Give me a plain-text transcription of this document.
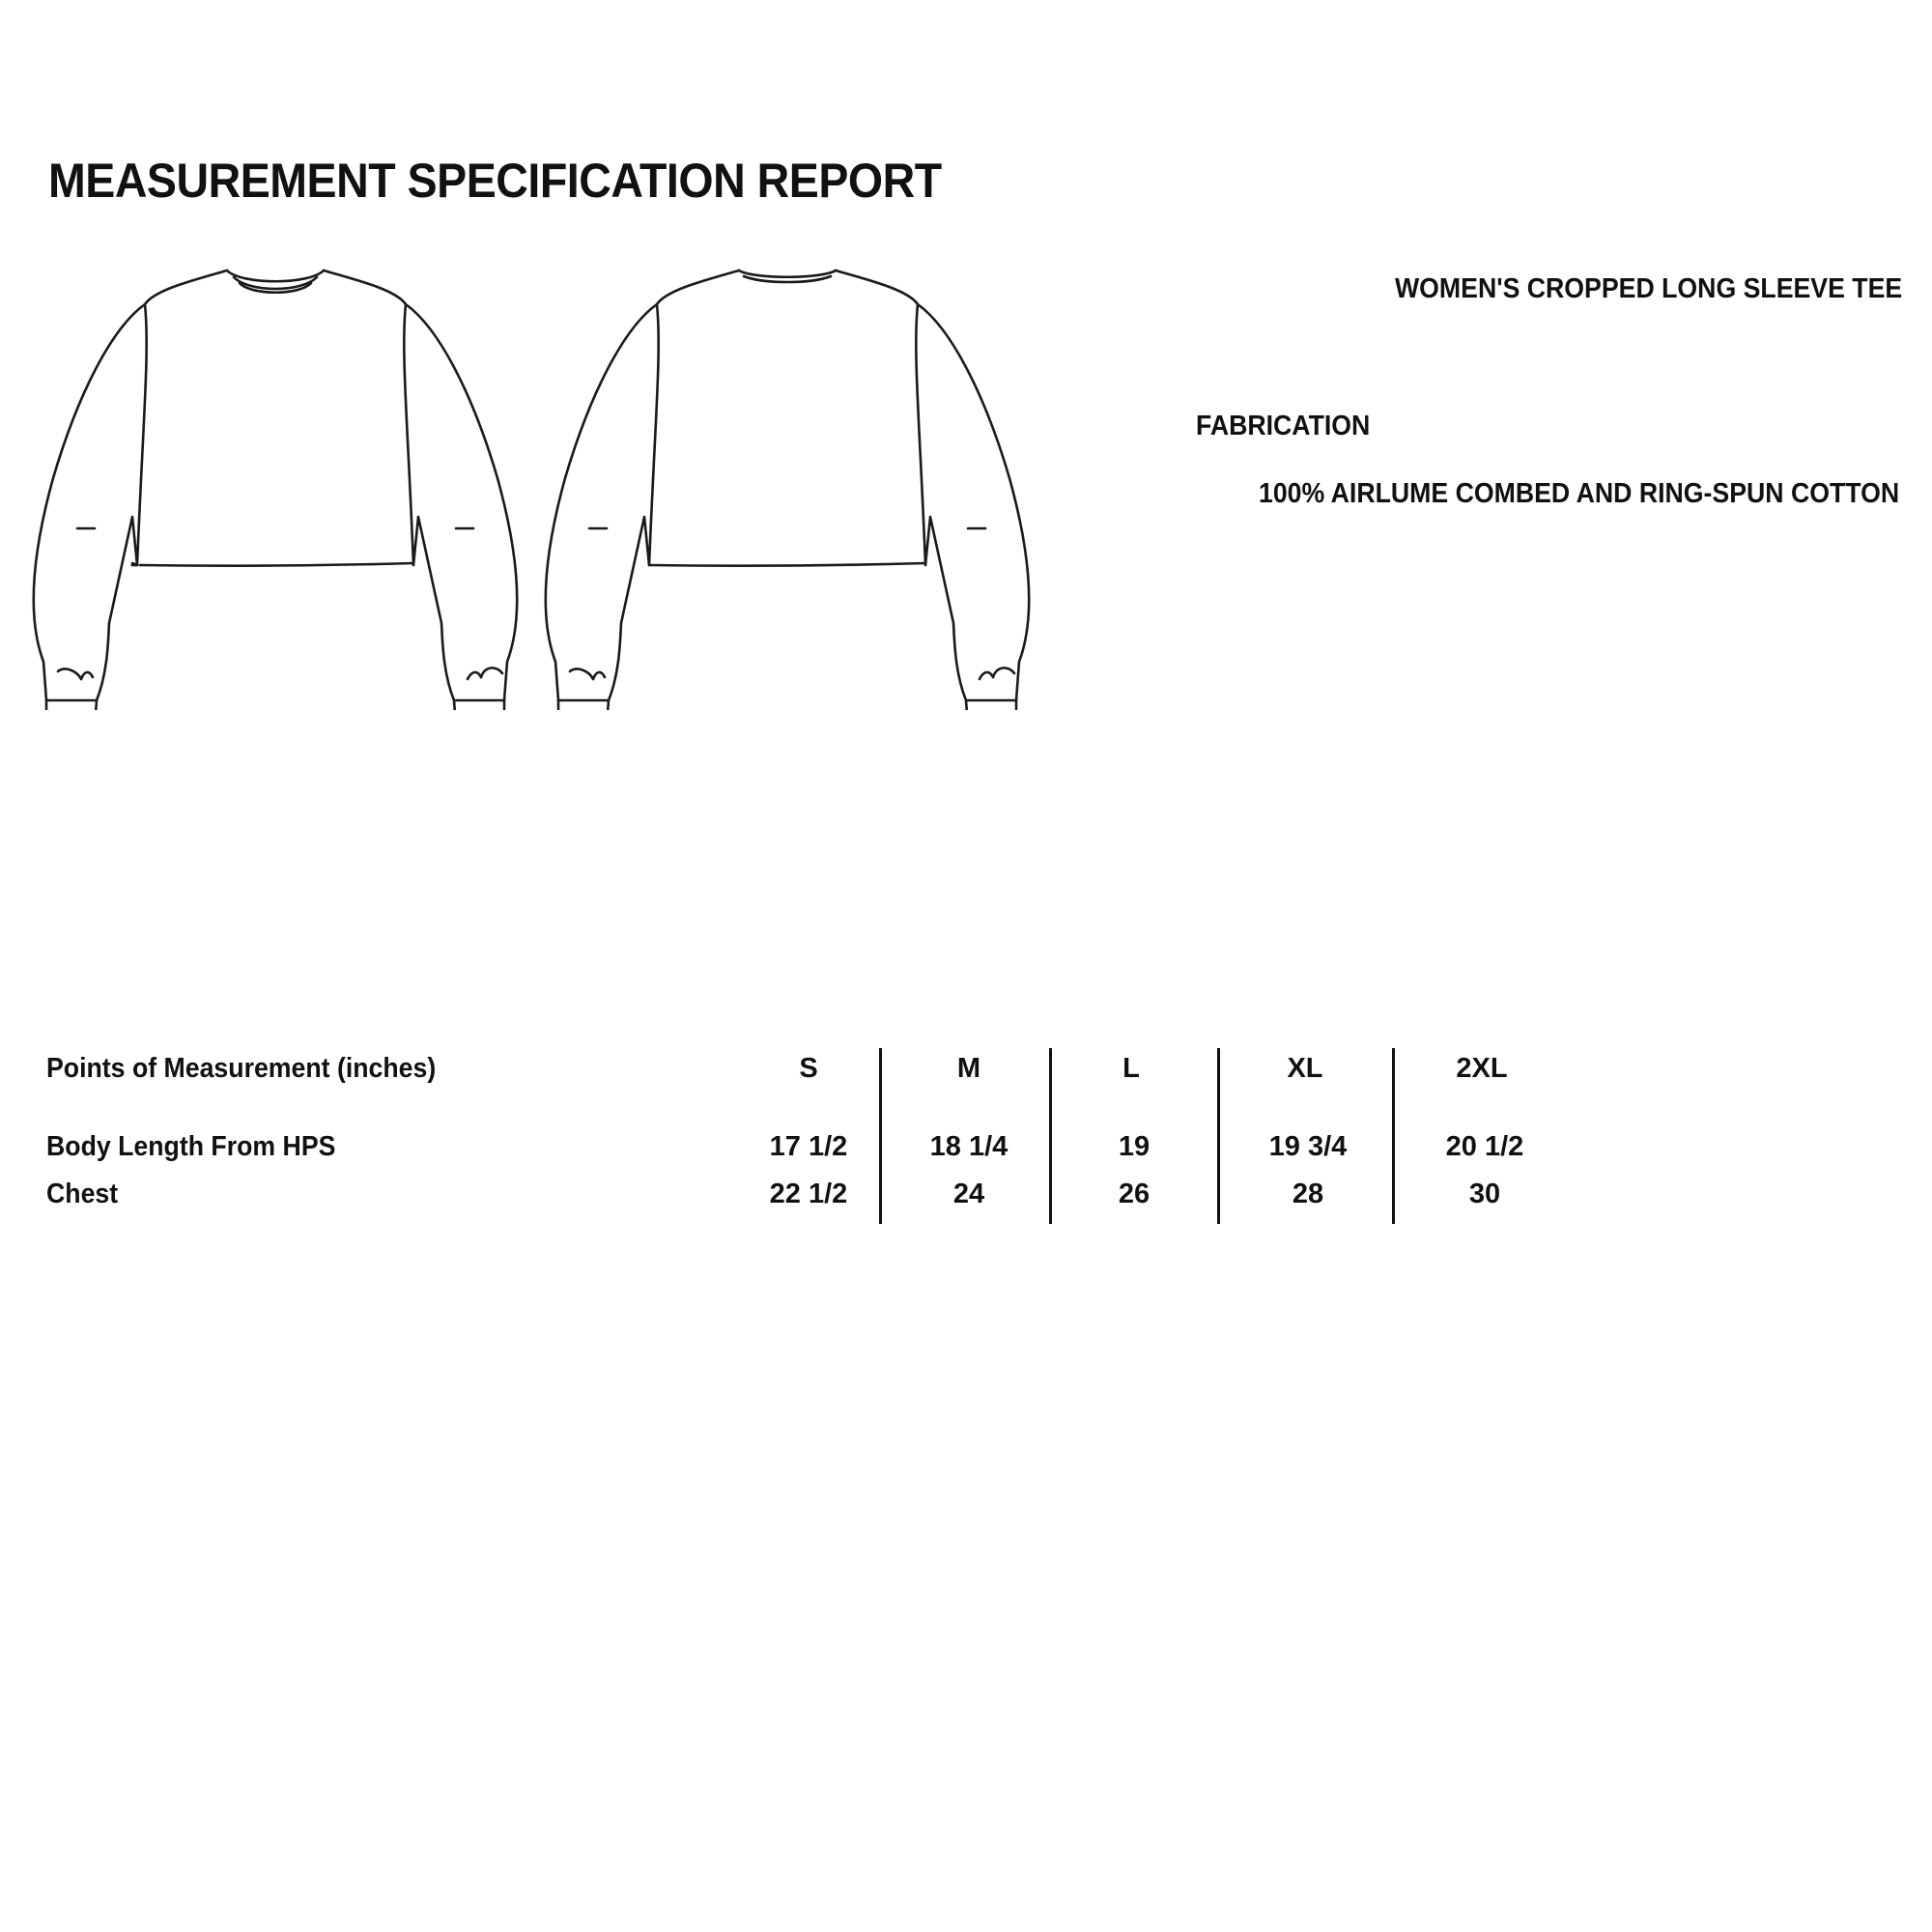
MEASUREMENT SPECIFICATION REPORT
WOMEN'S CROPPED LONG SLEEVE TEE
FABRICATION
100% AIRLUME COMBED AND RING-SPUN COTTON
Points of Measurement (inches)	S	M	L	XL	2XL
Body Length From HPS	17 1/2	18 1/4	19	19 3/4	20 1/2
Chest	22 1/2	24	26	28	30
